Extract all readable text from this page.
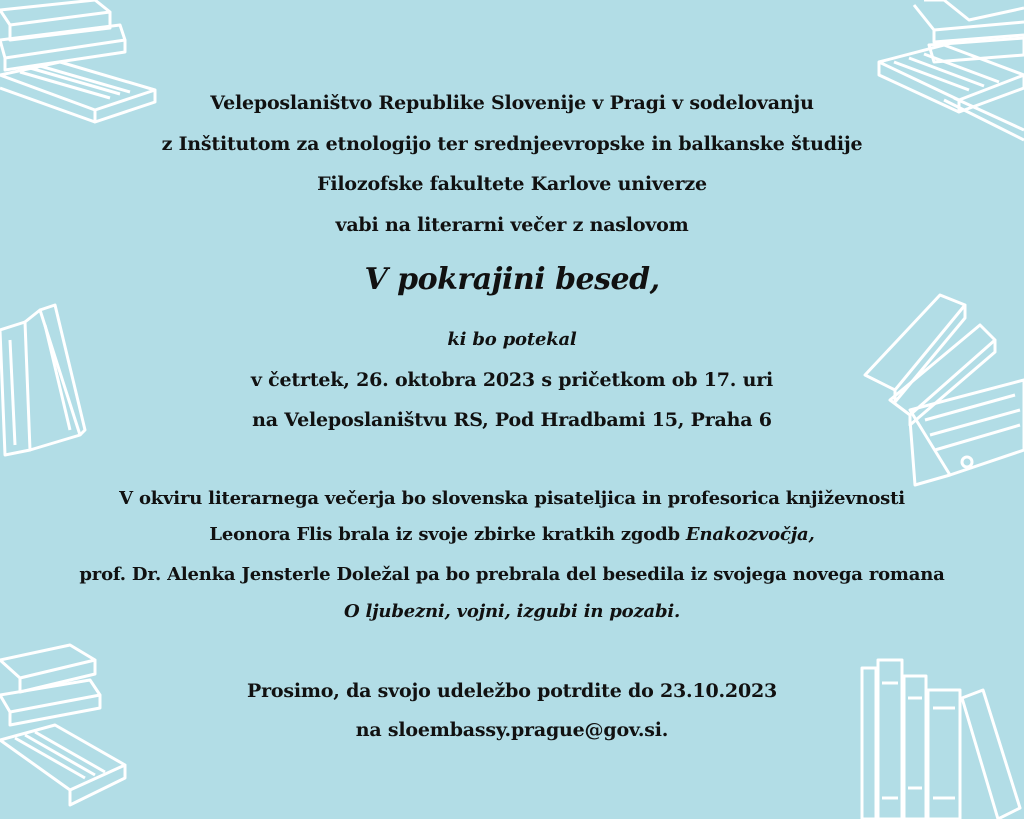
Veleposlaništvo Republike Slovenije v Pragi v sodelovanju
z Inštitutom za etnologijo ter srednjeevropske in balkanske študije
Filozofske fakultete Karlove univerze
vabi na literarni večer z naslovom
V pokrajini besed,
ki bo potekal
v četrtek, 26. oktobra 2023 s pričetkom ob 17. uri
na Veleposlaništvu RS, Pod Hradbami 15, Praha 6
V okviru literarnega večerja bo slovenska pisateljica in profesorica književnosti
Leonora Flis brala iz svoje zbirke kratkih zgodb Enakozvočja,
prof. Dr. Alenka Jensterle Doležal pa bo prebrala del besedila iz svojega novega romana
O ljubezni, vojni, izgubi in pozabi.
Prosimo, da svojo udeležbo potrdite do 23.10.2023
na sloembassy.prague@gov.si.
